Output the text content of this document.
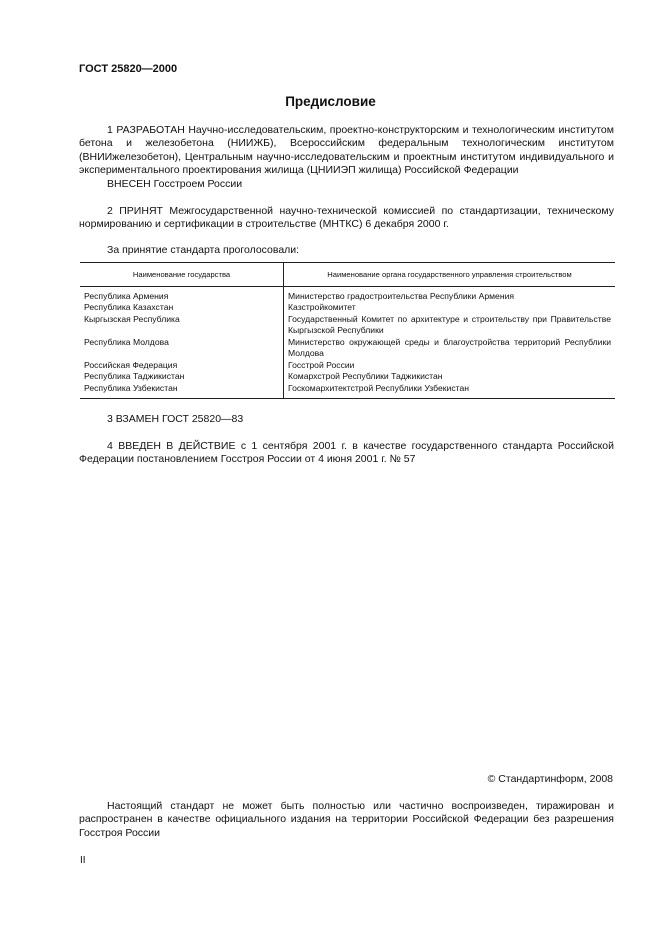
ГОСТ 25820—2000
Предисловие

1 РАЗРАБОТАН Научно-исследовательским, проектно-конструкторским и технологическим институтом бетона и железобетона (НИИЖБ), Всероссийским федеральным технологическим институтом (ВНИИжелезобетон), Центральным научно-исследовательским и проектным институтом индивидуального и экспериментального проектирования жилища (ЦНИИЭП жилища) Российской Федерации

ВНЕСЕН Госстроем России

2 ПРИНЯТ Межгосударственной научно-технической комиссией по стандартизации, техническому нормированию и сертификации в строительстве (МНТКС) 6 декабря 2000 г.

За принятие стандарта проголосовали:
Наименование государства	Наименование органа государственного управления строительством
Республика Армения	Министерство градостроительства Республики Армения
Республика Казахстан	Казстройкомитет
Кыргызская Республика	Государственный Комитет по архитектуре и строительству при Правительстве Кыргызской Республики
Республика Молдова	Министерство окружающей среды и благоустройства территорий Республики Молдова
Российская Федерация	Госстрой России
Республика Таджикистан	Комархстрой Республики Таджикистан
Республика Узбекистан	Госкомархитектстрой Республики Узбекистан

3 ВЗАМЕН ГОСТ 25820—83

4 ВВЕДЕН В ДЕЙСТВИЕ с 1 сентября 2001 г. в качестве государственного стандарта Российской Федерации постановлением Госстроя России от 4 июня 2001 г. № 57

© Стандартинформ, 2008

Настоящий стандарт не может быть полностью или частично воспроизведен, тиражирован и распространен в качестве официального издания на территории Российской Федерации без разрешения Госстроя России

II
